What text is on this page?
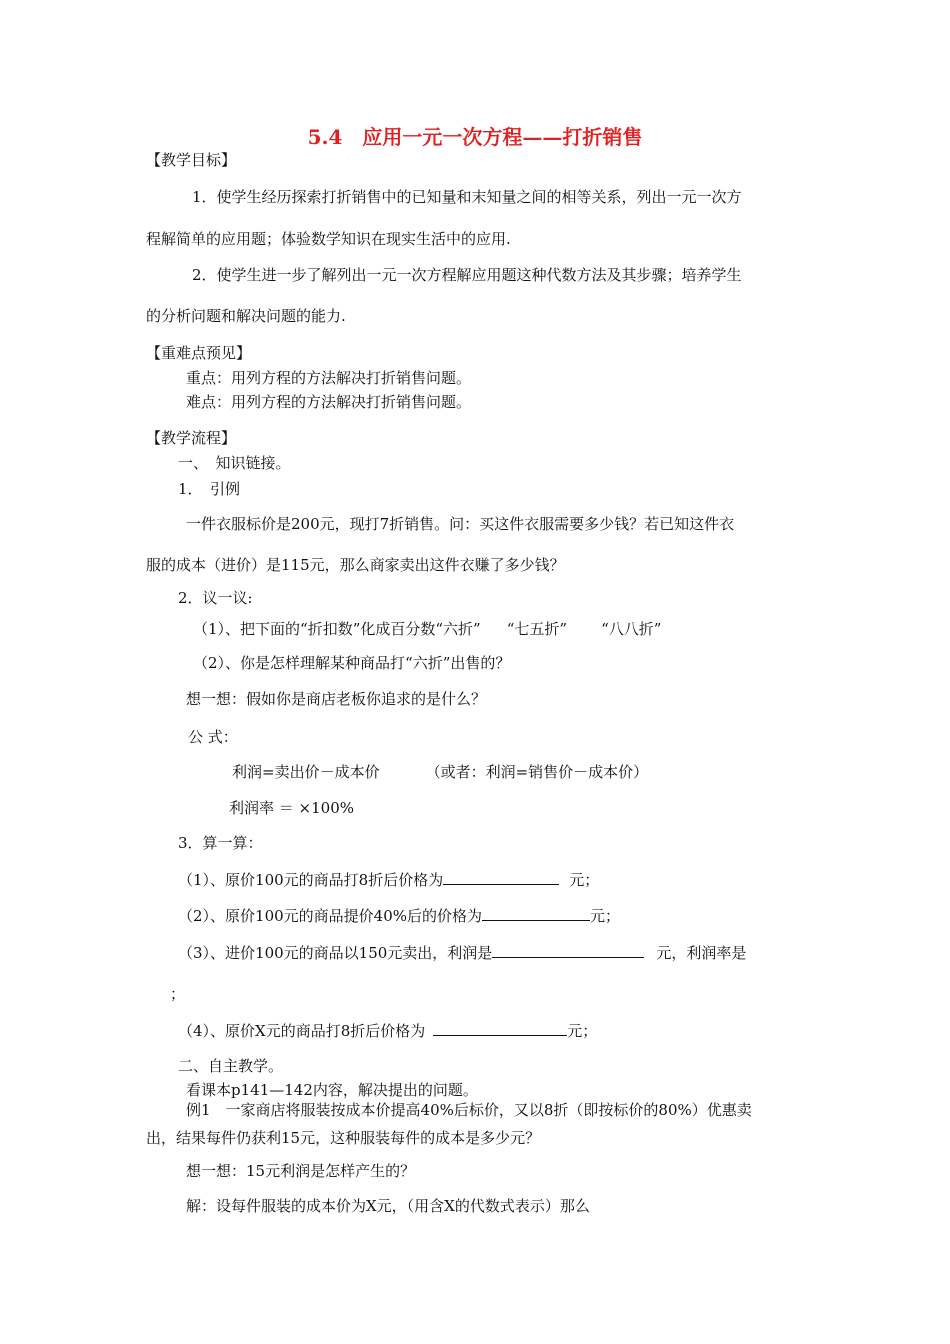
5.4　应用一元一次方程——打折销售
【教学目标】
1．使学生经历探索打折销售中的已知量和末知量之间的相等关系，列出一元一次方
程解简单的应用题；体验数学知识在现实生活中的应用.
2．使学生进一步了解列出一元一次方程解应用题这种代数方法及其步骤；培养学生
的分析问题和解决问题的能力.
【重难点预见】
重点：用列方程的方法解决打折销售问题。
难点：用列方程的方法解决打折销售问题。
【教学流程】
一、　知识链接。
1．　引例
一件衣服标价是200元，现打7折销售。问：买这件衣服需要多少钱？若已知这件衣
服的成本（进价）是115元，那么商家卖出这件衣赚了多少钱？
2．议一议:
（1）、把下面的“折扣数”化成百分数“六折” “七五折” “八八折”
（2）、你是怎样理解某种商品打“六折”出售的？
想一想：假如你是商店老板你追求的是什么？
公 式：
利润=卖出价－成本价	（或者：利润=销售价－成本价）
利润率 ＝ ×100%
3．算一算：
（1）、原价100元的商品打8折后价格为	元；
（2）、原价100元的商品提价40%后的价格为	元；
（3）、进价100元的商品以150元卖出，利润是	元，利润率是
；
（4）、原价X元的商品打8折后价格为	元；
二、自主教学。
看课本p141—142内容，解决提出的问题。
例1　一家商店将服装按成本价提高40%后标价，又以8折（即按标价的80%）优惠卖
出，结果每件仍获利15元，这种服装每件的成本是多少元？
想一想：15元利润是怎样产生的？
解：设每件服装的成本价为X元，（用含X的代数式表示）那么
